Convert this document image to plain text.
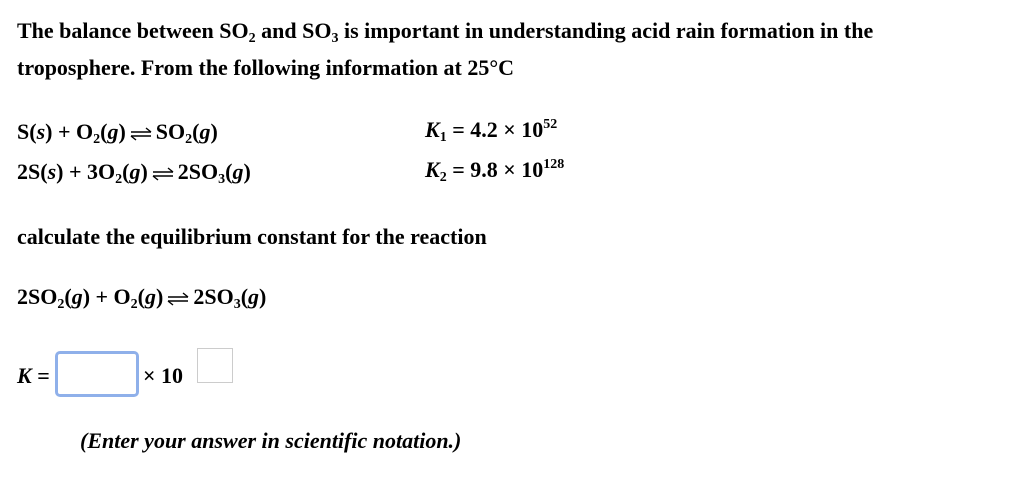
The balance between $SO_2$ and $SO_3$ is important in understanding acid rain formation in the
troposphere. From the following information at 25°C
$S(s) + O_2(g)$ ⇌ $SO_2(g)$	$K_1 = 4.2 \times 10^{52}$
$2S(s) + 3O_2(g)$ ⇌ $2SO_3(g)$	$K_2 = 9.8 \times 10^{128}$
calculate the equilibrium constant for the reaction
$2SO_2(g) + O_2(g)$ ⇌ $2SO_3(g)$
K =	× 10
(Enter your answer in scientific notation.)
